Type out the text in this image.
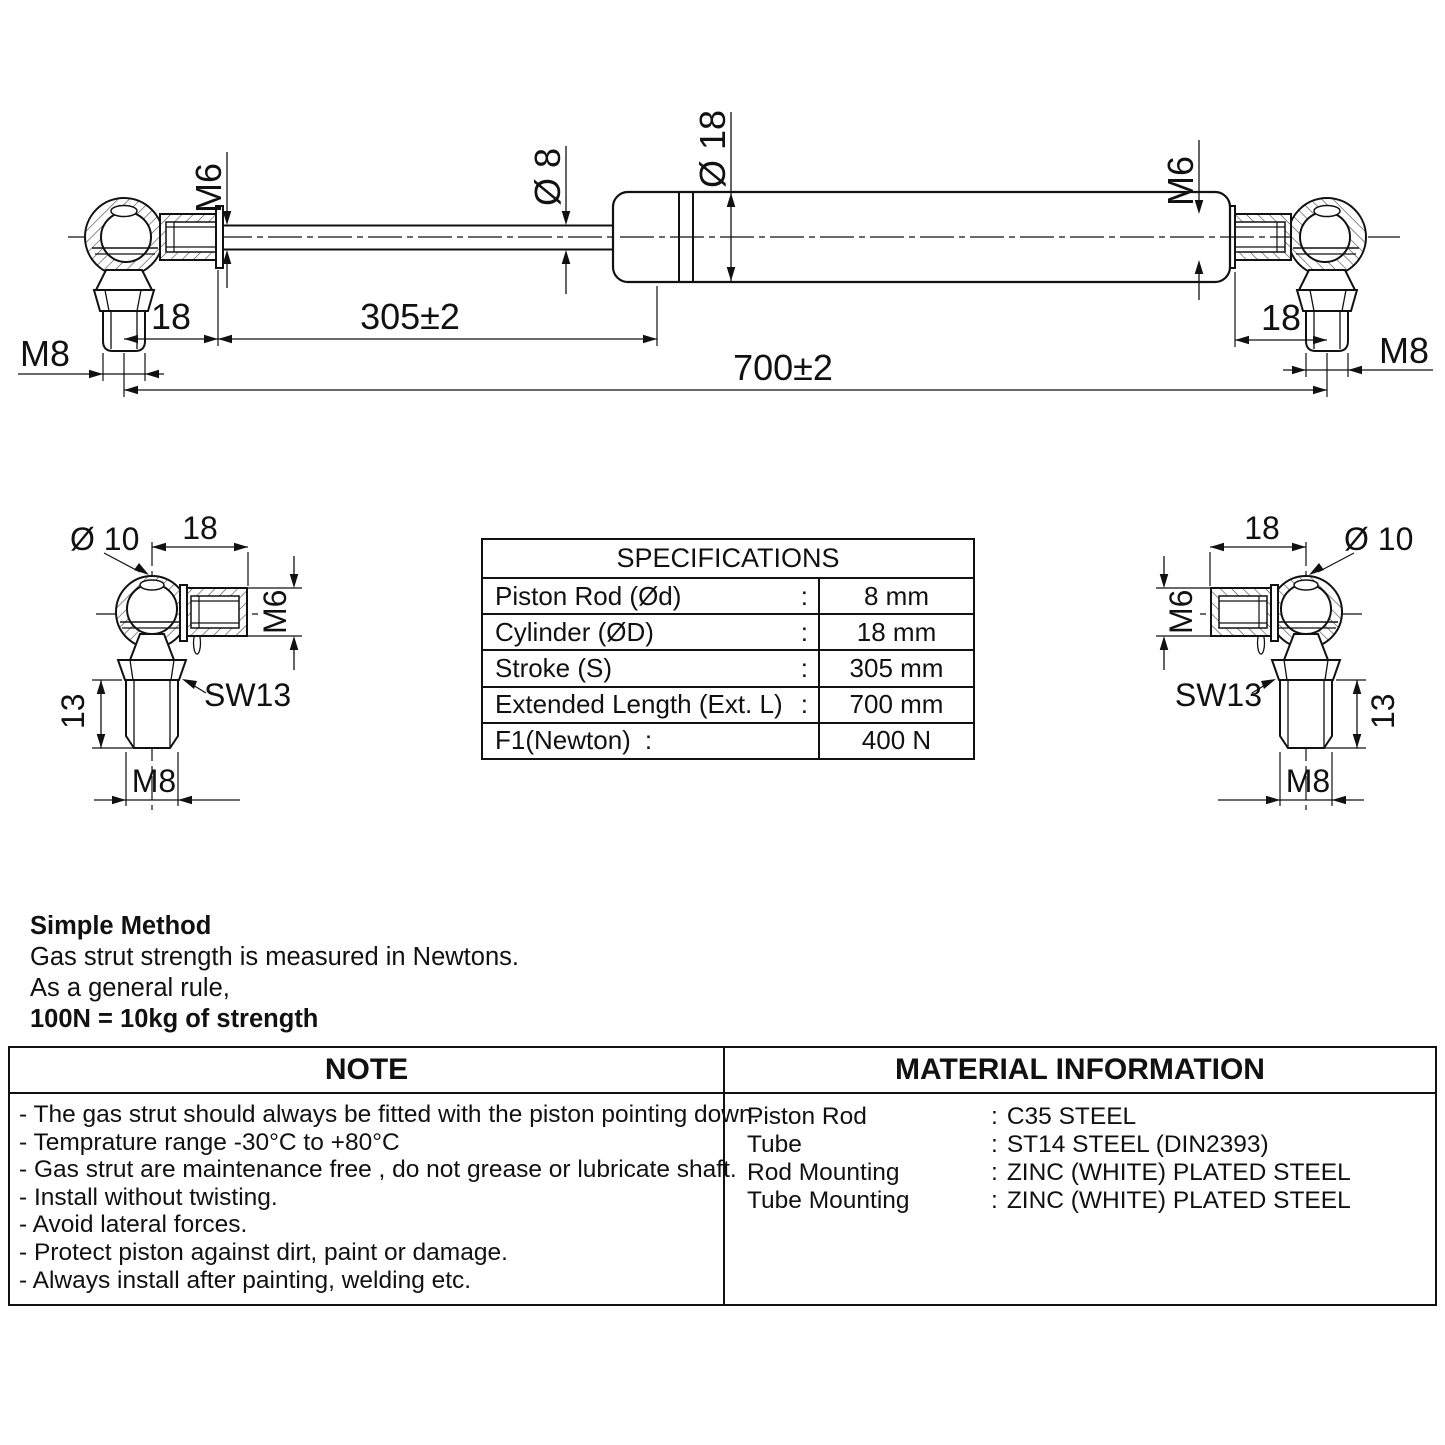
M6	Ø 8	Ø 18	M6
18	305±2
M8	700±2
18
M8
Ø 10 18
M6
SW13
13
M8
18 Ø 10
M6
SW13	13
M8
SPECIFICATIONS
Piston Rod (Ød)	:	8 mm
Cylinder (ØD)	:	18 mm
Stroke (S)	:	305 mm
Extended Length (Ext. L) :	700 mm
F1(Newton) :	400 N
Simple Method
Gas strut strength is measured in Newtons.
As a general rule,
100N = 10kg of strength
NOTE	MATERIAL INFORMATION
- The gas strut should always be fitted with the piston pointing down.
- Temprature range -30°C to +80°C
- Gas strut are maintenance free , do not grease or lubricate shaft.
- Install without twisting.
- Avoid lateral forces.
- Protect piston against dirt, paint or damage.
- Always install after painting, welding etc.
Piston Rod	: C35 STEEL
Tube	: ST14 STEEL (DIN2393)
Rod Mounting	: ZINC (WHITE) PLATED STEEL
Tube Mounting	: ZINC (WHITE) PLATED STEEL
